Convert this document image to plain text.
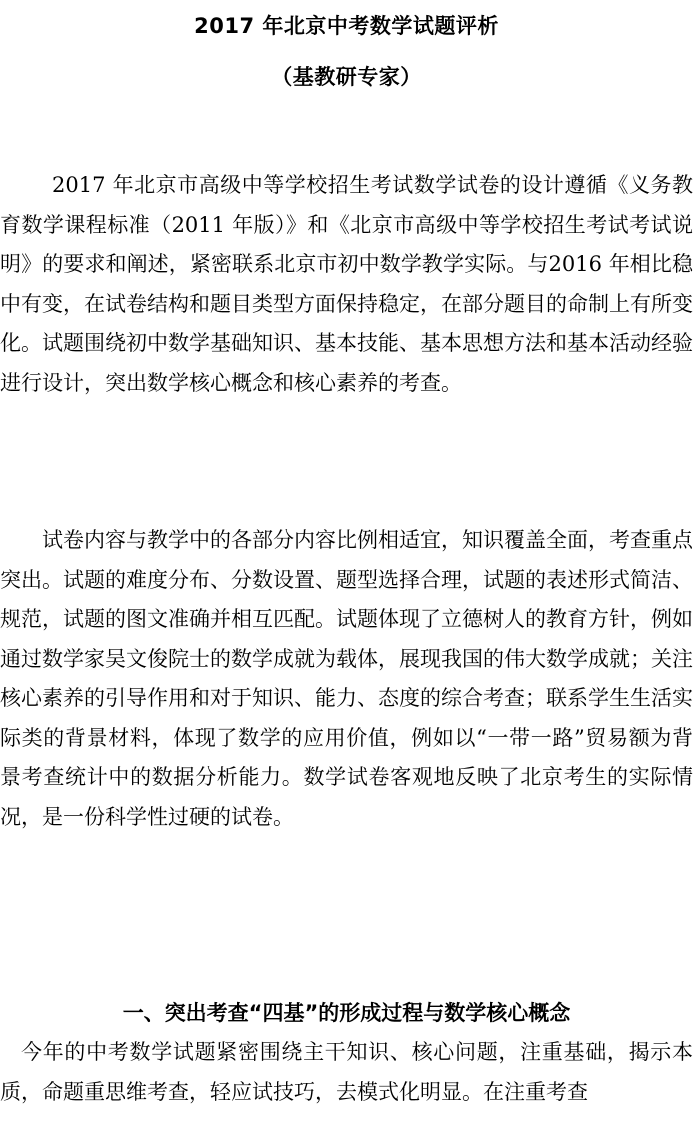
2017 年北京中考数学试题评析
（基教研专家）

2017 年北京市高级中等学校招生考试数学试卷的设计遵循《义务教育数学课程标准（2011 年版）》和《北京市高级中等学校招生考试考试说明》的要求和阐述，紧密联系北京市初中数学教学实际。与2016 年相比稳中有变，在试卷结构和题目类型方面保持稳定，在部分题目的命制上有所变化。试题围绕初中数学基础知识、基本技能、基本思想方法和基本活动经验进行设计，突出数学核心概念和核心素养的考查。

试卷内容与教学中的各部分内容比例相适宜，知识覆盖全面，考查重点突出。试题的难度分布、分数设置、题型选择合理，试题的表述形式简洁、规范，试题的图文准确并相互匹配。试题体现了立德树人的教育方针，例如通过数学家吴文俊院士的数学成就为载体，展现我国的伟大数学成就；关注核心素养的引导作用和对于知识、能力、态度的综合考查；联系学生生活实际类的背景材料，体现了数学的应用价值，例如以“一带一路”贸易额为背景考查统计中的数据分析能力。数学试卷客观地反映了北京考生的实际情况，是一份科学性过硬的试卷。

一、突出考查“四基”的形成过程与数学核心概念

今年的中考数学试题紧密围绕主干知识、核心问题，注重基础，揭示本质，命题重思维考查，轻应试技巧，去模式化明显。在注重考查
